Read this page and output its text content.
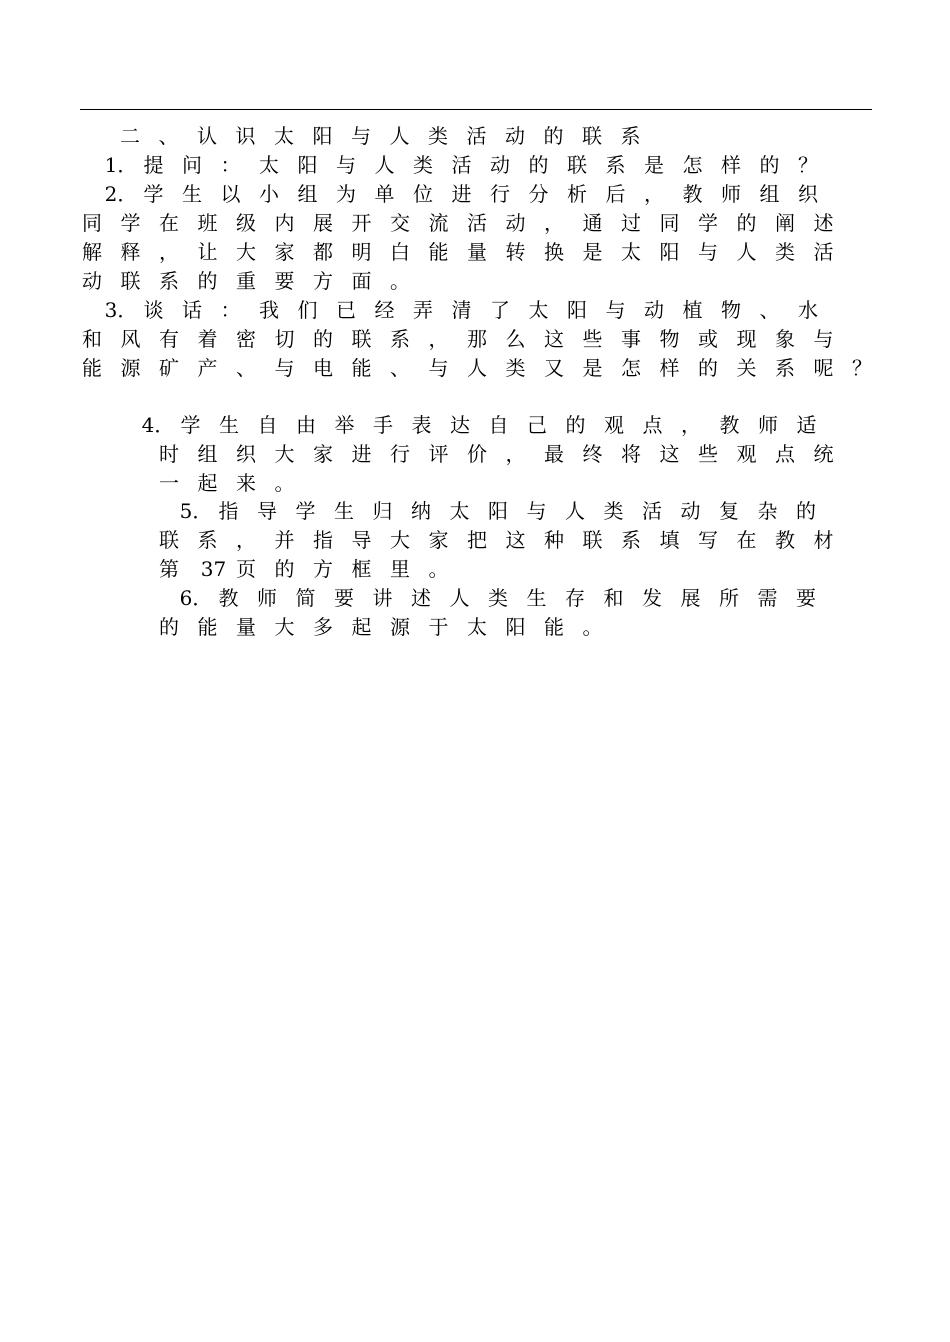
二 、 认 识 太 阳 与 人 类 活 动 的 联 系
1． 提 问 ： 太 阳 与 人 类 活 动 的 联 系 是 怎 样 的 ？
2． 学 生 以 小 组 为 单 位 进 行 分 析 后 ， 教 师 组 织
同 学 在 班 级 内 展 开 交 流 活 动 ， 通 过 同 学 的 阐 述
解 释 ， 让 大 家 都 明 白 能 量 转 换 是 太 阳 与 人 类 活
动 联 系 的 重 要 方 面 。
3． 谈 话 ： 我 们 已 经 弄 清 了 太 阳 与 动 植 物 、 水
和 风 有 着 密 切 的 联 系 ， 那 么 这 些 事 物 或 现 象 与
能 源 矿 产 、 与 电 能 、 与 人 类 又 是 怎 样 的 关 系 呢 ？
4． 学 生 自 由 举 手 表 达 自 己 的 观 点 ， 教 师 适
时 组 织 大 家 进 行 评 价 ， 最 终 将 这 些 观 点 统
一 起 来 。
5． 指 导 学 生 归 纳 太 阳 与 人 类 活 动 复 杂 的
联 系 ， 并 指 导 大 家 把 这 种 联 系 填 写 在 教 材
第 37 页 的 方 框 里 。
6． 教 师 简 要 讲 述 人 类 生 存 和 发 展 所 需 要
的 能 量 大 多 起 源 于 太 阳 能 。
